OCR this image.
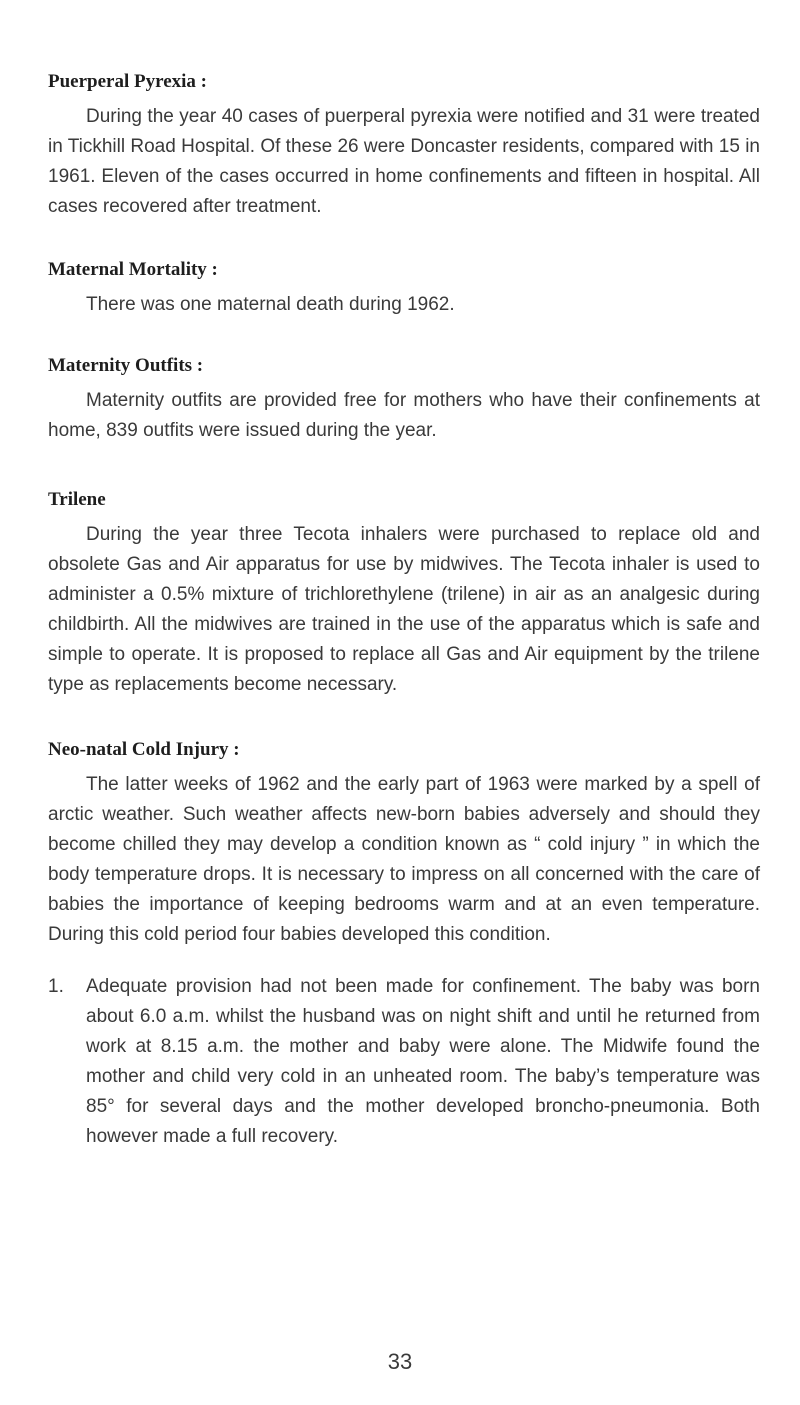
Puerperal Pyrexia :

During the year 40 cases of puerperal pyrexia were notified and 31 were treated in Tickhill Road Hospital. Of these 26 were Doncaster residents, compared with 15 in 1961. Eleven of the cases occurred in home confinements and fifteen in hospital. All cases recovered after treatment.

Maternal Mortality :

There was one maternal death during 1962.

Maternity Outfits :

Maternity outfits are provided free for mothers who have their confinements at home, 839 outfits were issued during the year.

Trilene

During the year three Tecota inhalers were purchased to replace old and obsolete Gas and Air apparatus for use by midwives. The Tecota inhaler is used to administer a 0.5% mixture of trichlorethylene (trilene) in air as an analgesic during childbirth. All the midwives are trained in the use of the apparatus which is safe and simple to operate. It is proposed to replace all Gas and Air equipment by the trilene type as replacements become necessary.

Neo-natal Cold Injury :

The latter weeks of 1962 and the early part of 1963 were marked by a spell of arctic weather. Such weather affects new-born babies adversely and should they become chilled they may develop a condition known as “ cold injury ” in which the body temperature drops. It is necessary to impress on all concerned with the care of babies the importance of keeping bedrooms warm and at an even temperature. During this cold period four babies developed this condition.

1.	Adequate provision had not been made for confinement. The baby was born about 6.0 a.m. whilst the husband was on night shift and until he returned from work at 8.15 a.m. the mother and baby were alone. The Midwife found the mother and child very cold in an unheated room. The baby’s temperature was 85° for several days and the mother developed broncho-pneumonia. Both however made a full recovery.
33
